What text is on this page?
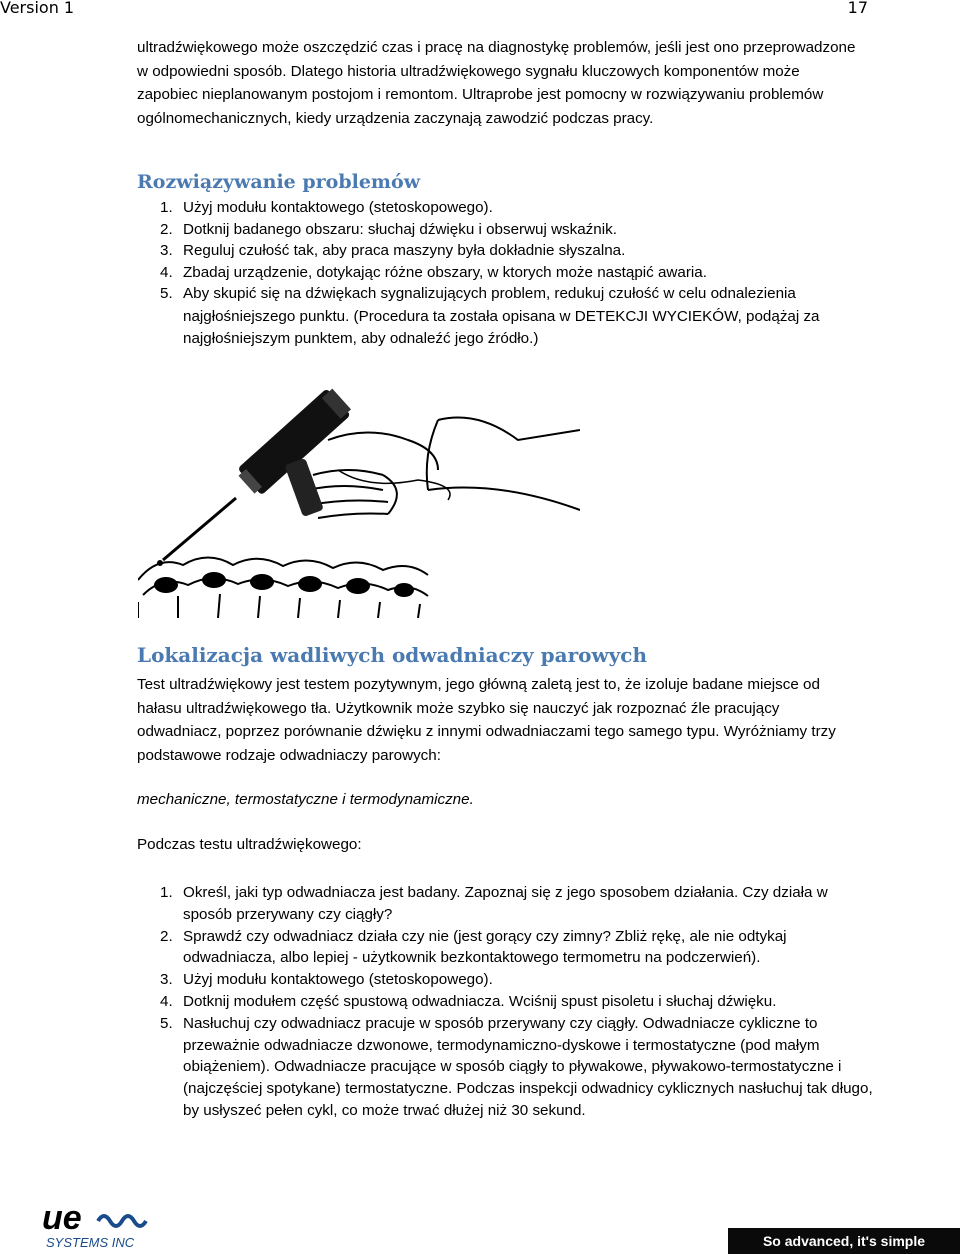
Version 1	17

ultradźwiękowego może oszczędzić czas i pracę na diagnostykę problemów, jeśli jest ono przeprowadzone w odpowiedni sposób. Dlatego historia ultradźwiękowego sygnału kluczowych komponentów może zapobiec nieplanowanym postojom i remontom. Ultraprobe jest pomocny w rozwiązywaniu problemów ogólnomechanicznych, kiedy urządzenia zaczynają zawodzić podczas pracy.

Rozwiązywanie problemów
1. Użyj modułu kontaktowego (stetoskopowego).
2. Dotknij badanego obszaru: słuchaj dźwięku i obserwuj wskaźnik.
3. Reguluj czułość tak, aby praca maszyny była dokładnie słyszalna.
4. Zbadaj urządzenie, dotykając różne obszary, w ktorych może nastąpić awaria.
5. Aby skupić się na dźwiękach sygnalizujących problem, redukuj czułość w celu odnalezienia najgłośniejszego punktu. (Procedura ta została opisana w DETEKCJI WYCIEKÓW, podążaj za najgłośniejszym punktem, aby odnaleźć jego źródło.)
Lokalizacja wadliwych odwadniaczy parowych

Test ultradźwiękowy jest testem pozytywnym, jego główną zaletą jest to, że izoluje badane miejsce od hałasu ultradźwiękowego tła. Użytkownik może szybko się nauczyć jak rozpoznać źle pracujący odwadniacz, poprzez porównanie dźwięku z innymi odwadniaczami tego samego typu. Wyróżniamy trzy podstawowe rodzaje odwadniaczy parowych:

mechaniczne, termostatyczne i termodynamiczne.

Podczas testu ultradźwiękowego:

1. Określ, jaki typ odwadniacza jest badany. Zapoznaj się z jego sposobem działania. Czy działa w sposób przerywany czy ciągły?
2. Sprawdź czy odwadniacz działa czy nie (jest gorący czy zimny? Zbliż rękę, ale nie odtykaj odwadniacza, albo lepiej - użytkownik bezkontaktowego termometru na podczerwień).
3. Użyj modułu kontaktowego (stetoskopowego).
4. Dotknij modułem część spustową odwadniacza. Wciśnij spust pisoletu i słuchaj dźwięku.
5. Nasłuchuj czy odwadniacz pracuje w sposób przerywany czy ciągły. Odwadniacze cykliczne to przeważnie odwadniacze dzwonowe, termodynamiczno-dyskowe i termostatyczne (pod małym obiążeniem). Odwadniacze pracujące w sposób ciągły to pływakowe, pływakowo-termostatyczne i (najczęściej spotykane) termostatyczne. Podczas inspekcji odwadnicy cyklicznych nasłuchuj tak długo, by usłyszeć pełen cykl, co może trwać dłużej niż 30 sekund.
ue
SYSTEMS INC	So advanced, it's simple
